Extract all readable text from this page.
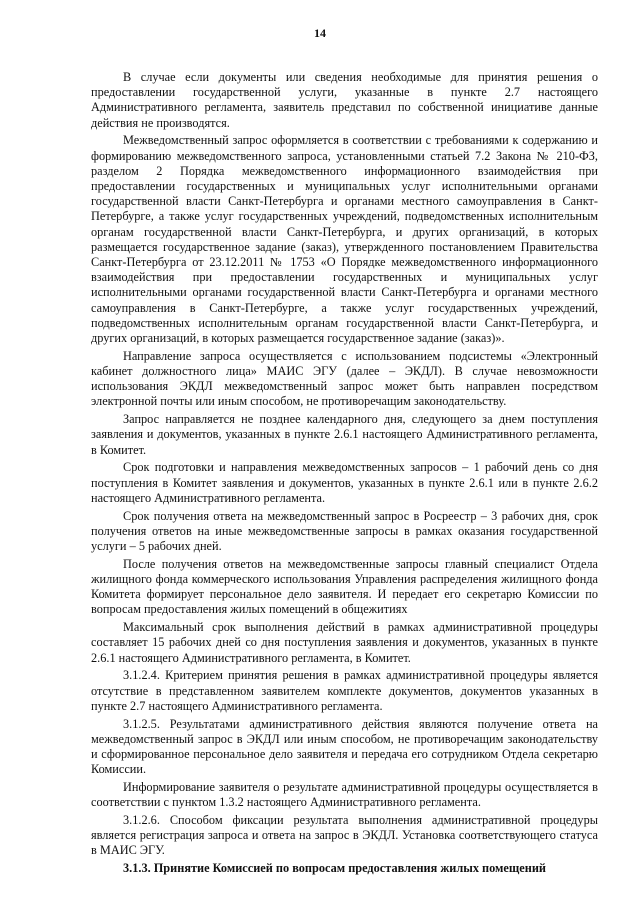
14

В случае если документы или сведения необходимые для принятия решения о предоставлении государственной услуги, указанные в пункте 2.7 настоящего Административного регламента, заявитель представил по собственной инициативе данные действия не производятся.

Межведомственный запрос оформляется в соответствии с требованиями к содержанию и формированию межведомственного запроса, установленными статьей 7.2 Закона № 210-ФЗ, разделом 2 Порядка межведомственного информационного взаимодействия при предоставлении государственных и муниципальных услуг исполнительными органами государственной власти Санкт-Петербурга и органами местного самоуправления в Санкт-Петербурге, а также услуг государственных учреждений, подведомственных исполнительным органам государственной власти Санкт-Петербурга, и других организаций, в которых размещается государственное задание (заказ), утвержденного постановлением Правительства Санкт-Петербурга от 23.12.2011 № 1753 «О Порядке межведомственного информационного взаимодействия при предоставлении государственных и муниципальных услуг исполнительными органами государственной власти Санкт-Петербурга и органами местного самоуправления в Санкт-Петербурге, а также услуг государственных учреждений, подведомственных исполнительным органам государственной власти Санкт-Петербурга, и других организаций, в которых размещается государственное задание (заказ)».

Направление запроса осуществляется с использованием подсистемы «Электронный кабинет должностного лица» МАИС ЭГУ (далее – ЭКДЛ). В случае невозможности использования ЭКДЛ межведомственный запрос может быть направлен посредством электронной почты или иным способом, не противоречащим законодательству.

Запрос направляется не позднее календарного дня, следующего за днем поступления заявления и документов, указанных в пункте 2.6.1 настоящего Административного регламента, в Комитет.

Срок подготовки и направления межведомственных запросов – 1 рабочий день со дня поступления в Комитет заявления и документов, указанных в пункте 2.6.1 или в пункте 2.6.2 настоящего Административного регламента.

Срок получения ответа на межведомственный запрос в Росреестр – 3 рабочих дня, срок получения ответов на иные межведомственные запросы в рамках оказания государственной услуги – 5 рабочих дней.

После получения ответов на межведомственные запросы главный специалист Отдела жилищного фонда коммерческого использования Управления распределения жилищного фонда Комитета формирует персональное дело заявителя. И передает его секретарю Комиссии по вопросам предоставления жилых помещений в общежитиях

Максимальный срок выполнения действий в рамках административной процедуры составляет 15 рабочих дней со дня поступления заявления и документов, указанных в пункте 2.6.1 настоящего Административного регламента, в Комитет.

3.1.2.4. Критерием принятия решения в рамках административной процедуры является отсутствие в представленном заявителем комплекте документов, документов указанных в пункте 2.7 настоящего Административного регламента.

3.1.2.5. Результатами административного действия являются получение ответа на межведомственный запрос в ЭКДЛ или иным способом, не противоречащим законодательству и сформированное персональное дело заявителя и передача его сотрудником Отдела секретарю Комиссии.

Информирование заявителя о результате административной процедуры осуществляется в соответствии с пунктом 1.3.2 настоящего Административного регламента.

3.1.2.6. Способом фиксации результата выполнения административной процедуры является регистрация запроса и ответа на запрос в ЭКДЛ. Установка соответствующего статуса в МАИС ЭГУ.

3.1.3. Принятие Комиссией по вопросам предоставления жилых помещений
